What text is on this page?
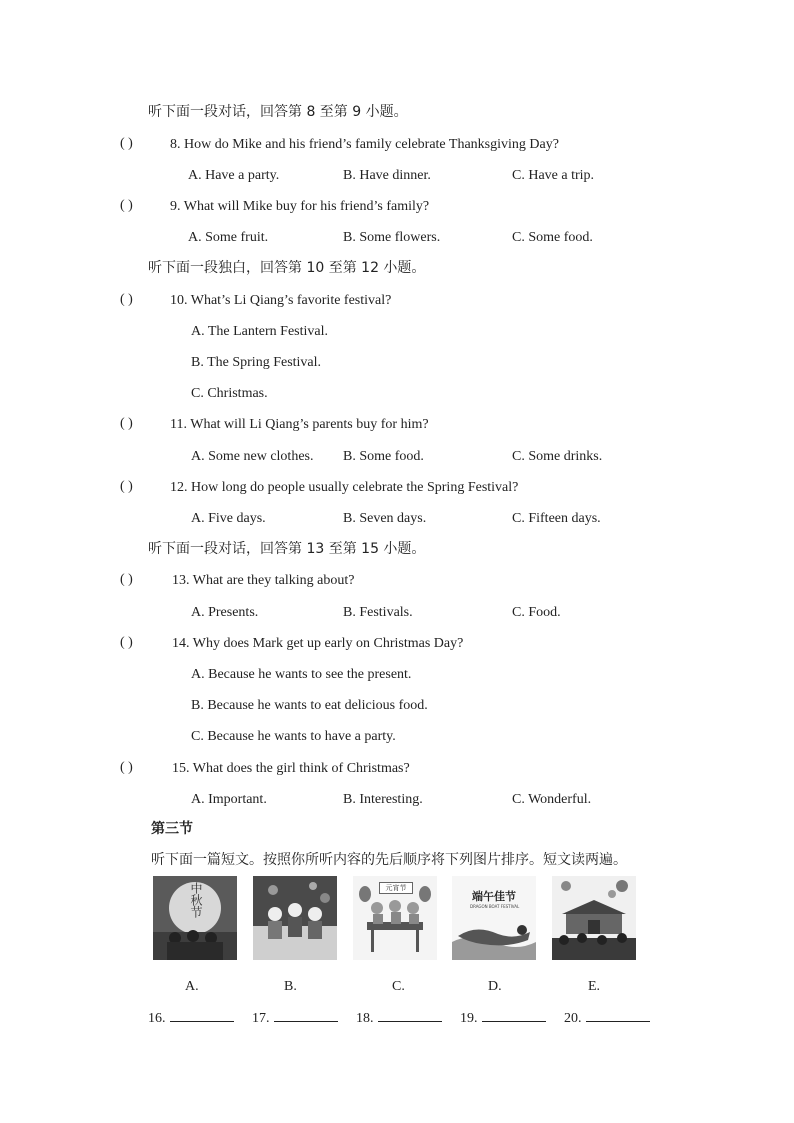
听下面一段对话，回答第 8 至第 9 小题。
( )	8. How do Mike and his friend’s family celebrate Thanksgiving Day?
A. Have a party.	B. Have dinner.	C. Have a trip.
( )	9. What will Mike buy for his friend’s family?
A. Some fruit.	B. Some flowers.	C. Some food.
听下面一段独白，回答第 10 至第 12 小题。
( )	10. What’s Li Qiang’s favorite festival?
A. The Lantern Festival.
B. The Spring Festival.
C. Christmas.
( )	11. What will Li Qiang’s parents buy for him?
A. Some new clothes. B. Some food.	C. Some drinks.
( )	12. How long do people usually celebrate the Spring Festival?
A. Five days.	B. Seven days.	C. Fifteen days.
听下面一段对话，回答第 13 至第 15 小题。
( )	13. What are they talking about?
A. Presents.	B. Festivals.	C. Food.
( )	14. Why does Mark get up early on Christmas Day?
A. Because he wants to see the present.
B. Because he wants to eat delicious food.
C. Because he wants to have a party.
( )	15. What does the girl think of Christmas?
A. Important.	B. Interesting.	C. Wonderful.
第三节
听下面一篇短文。按照你所听内容的先后顺序将下列图片排序。短文读两遍。
中秋节	元宵节
端午佳节
DRAGON BOAT FESTIVAL
A.	B.	C.	D.	E.
16.	17.	18.	19.	20.
